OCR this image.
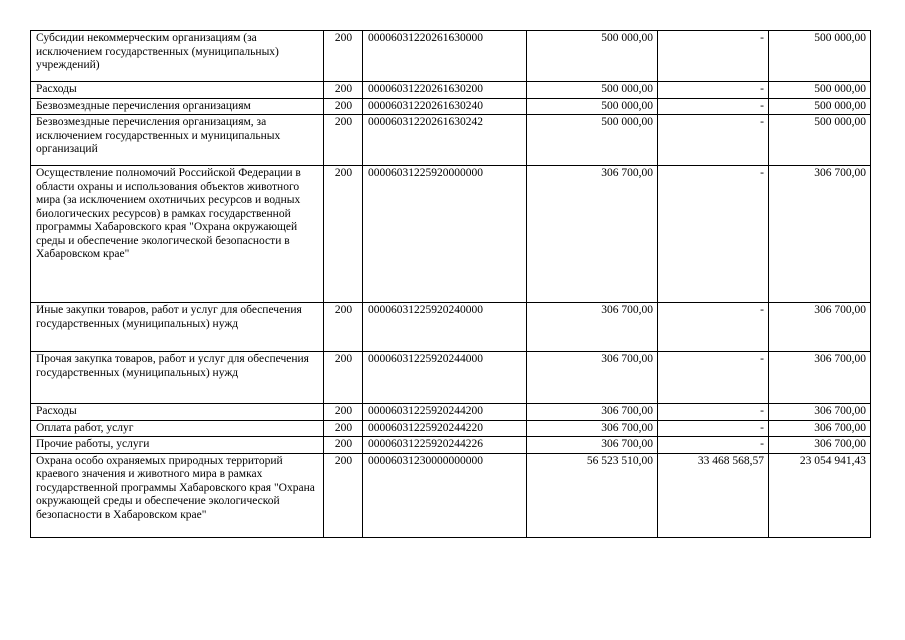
Субсидии некоммерческим организациям (за исключением государственных (муниципальных) учреждений)	200	00006031220261630000	500 000,00	-	500 000,00
Расходы	200	00006031220261630200	500 000,00	-	500 000,00
Безвозмездные перечисления организациям	200	00006031220261630240	500 000,00	-	500 000,00
Безвозмездные перечисления организациям, за исключением государственных и муниципальных организаций	200	00006031220261630242	500 000,00	-	500 000,00
Осуществление полномочий Российской Федерации в области охраны и использования объектов животного мира (за исключением охотничьих ресурсов и водных биологических ресурсов) в рамках государственной программы Хабаровского края "Охрана окружающей среды и обеспечение экологической безопасности в Хабаровском крае"	200	00006031225920000000	306 700,00	-	306 700,00
Иные закупки товаров, работ и услуг для обеспечения государственных (муниципальных) нужд	200	00006031225920240000	306 700,00	-	306 700,00
Прочая закупка товаров, работ и услуг для обеспечения государственных (муниципальных) нужд	200	00006031225920244000	306 700,00	-	306 700,00
Расходы	200	00006031225920244200	306 700,00	-	306 700,00
Оплата работ, услуг	200	00006031225920244220	306 700,00	-	306 700,00
Прочие работы, услуги	200	00006031225920244226	306 700,00	-	306 700,00
Охрана особо охраняемых природных территорий краевого значения и животного мира в рамках государственной программы Хабаровского края "Охрана окружающей среды и обеспечение экологической безопасности в Хабаровском крае"	200	00006031230000000000	56 523 510,00	33 468 568,57	23 054 941,43
